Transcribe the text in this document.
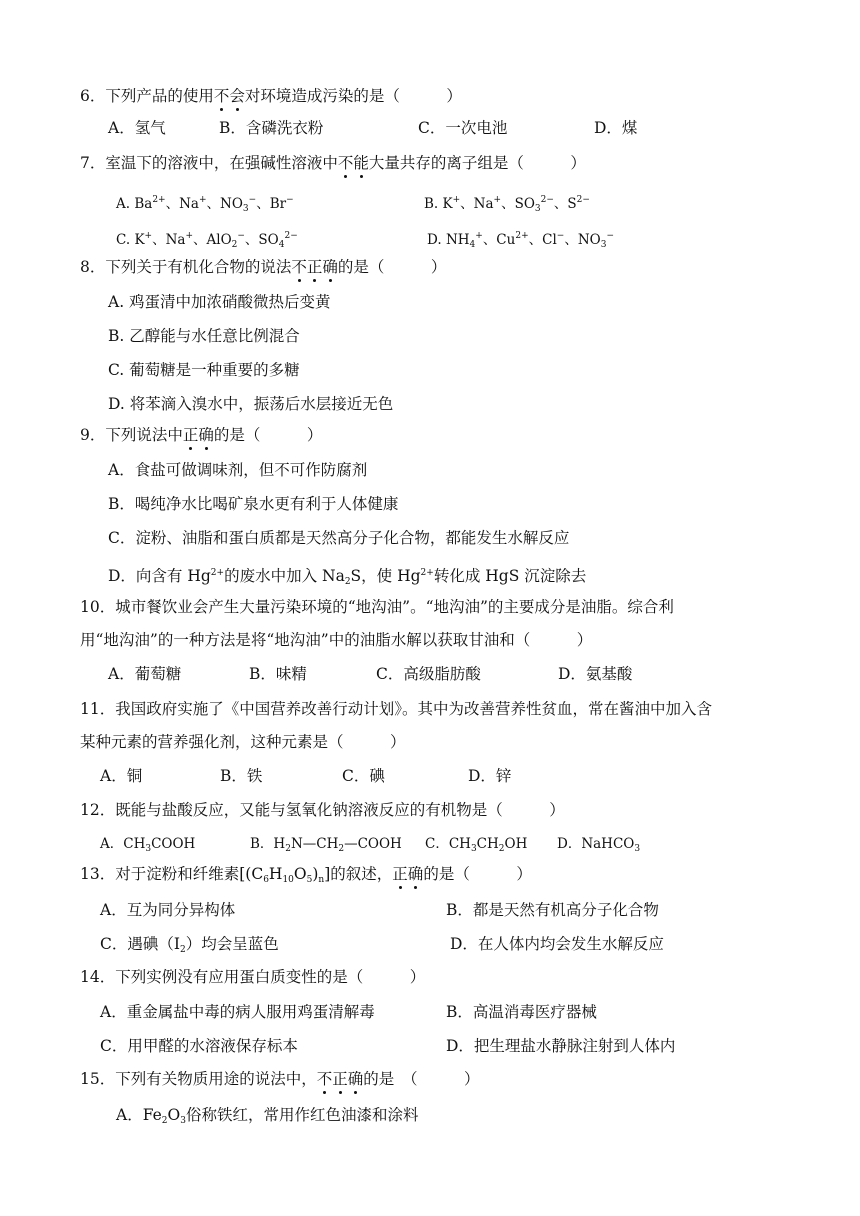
6．下列产品的使用不会对环境造成污染的是（　　　）
A．氢气	B．含磷洗衣粉	C．一次电池	D．煤
7．室温下的溶液中，在强碱性溶液中不能大量共存的离子组是（　　　）
A. $Ba^{2+}$、Na+、$NO_3^-$、Br−	B. K+、Na+、$SO_3^{2-}$、$S^{2-}$
C. K+、Na+、AlO$_2$−、$SO_4^{2-}$	D. $NH_4^+$、$Cu^{2+}$、Cl−、$NO_3^-$
8．下列关于有机化合物的说法不正确的是（　　　）
A. 鸡蛋清中加浓硝酸微热后变黄
B. 乙醇能与水任意比例混合
C. 葡萄糖是一种重要的多糖
D. 将苯滴入溴水中，振荡后水层接近无色
9．下列说法中正确的是（　　　）
A．食盐可做调味剂，但不可作防腐剂
B．喝纯净水比喝矿泉水更有利于人体健康
C．淀粉、油脂和蛋白质都是天然高分子化合物，都能发生水解反应
D．向含有 $Hg^{2+}$的废水中加入 $Na_2S$，使 $Hg^{2+}$转化成 HgS 沉淀除去
10．城市餐饮业会产生大量污染环境的“地沟油”。“地沟油”的主要成分是油脂。综合利
用“地沟油”的一种方法是将“地沟油”中的油脂水解以获取甘油和（　　　）
A．葡萄糖	B．味精	C．高级脂肪酸	D．氨基酸
11．我国政府实施了《中国营养改善行动计划》。其中为改善营养性贫血，常在酱油中加入含
某种元素的营养强化剂，这种元素是（　　　）
A．铜	B．铁	C．碘	D．锌
12．既能与盐酸反应，又能与氢氧化钠溶液反应的有机物是（　　　）
A．$CH_3COOH$	B．$H_2N—CH_2—COOH$ C．$CH_3CH_2OH$ D．NaHCO$_3$
13．对于淀粉和纤维素$[(C_6H_{10}O_5)_n]$的叙述，正确的是（　　　）
A．互为同分异构体	B．都是天然有机高分子化合物
C．遇碘$(I_2)$均会呈蓝色	D．在人体内均会发生水解反应
14．下列实例没有应用蛋白质变性的是（　　　）
A．重金属盐中毒的病人服用鸡蛋清解毒	B．高温消毒医疗器械
C．用甲醛的水溶液保存标本	D．把生理盐水静脉注射到人体内
15．下列有关物质用途的说法中，不正确的是　（　　　）
A．$Fe_2O_3$俗称铁红，常用作红色油漆和涂料
